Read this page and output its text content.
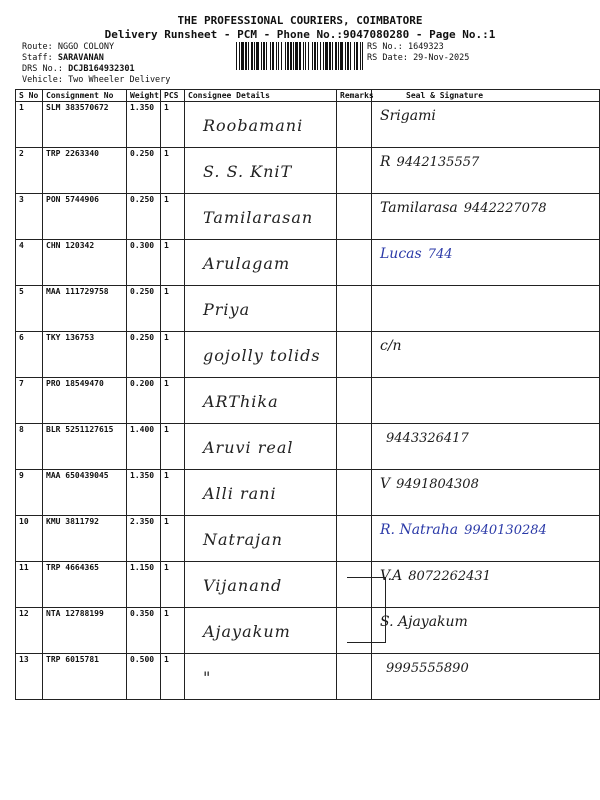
THE PROFESSIONAL COURIERS, COIMBATORE
Delivery Runsheet - PCM - Phone No.:9047080280 - Page No.:1
Route: NGGO COLONY
Staff: SARAVANAN
DRS No.: DCJB164932301
Vehicle: Two Wheeler Delivery
RS No.: 1649323
RS Date: 29-Nov-2025
S No	Consignment No	Weight	PCS	Consignee Details	Remarks	Seal & Signature
1	SLM 383570672	1.350	1	Roobamani		Srigami

2	TRP 2263340	0.250	1	S. S. KniT		R 9442135557

3	PON 5744906	0.250	1	Tamilarasan		Tamilarasa 9442227078

4	CHN 120342	0.300	1	Arulagam		Lucas 744

5	MAA 111729758	0.250	1	Priya		

6	TKY 136753	0.250	1	gojolly tolids		c/n

7	PRO 18549470	0.200	1	ARThika		

8	BLR 5251127615	1.400	1	Aruvi real		9443326417

9	MAA 650439045	1.350	1	Alli rani		V 9491804308

10	KMU 3811792	2.350	1	Natrajan		R. Natraha 9940130284

11	TRP 4664365	1.150	1	Vijanand		V.A 8072262431

12	NTA 12788199	0.350	1	Ajayakum		S. Ajayakum

13	TRP 6015781	0.500	1	"		9995555890
